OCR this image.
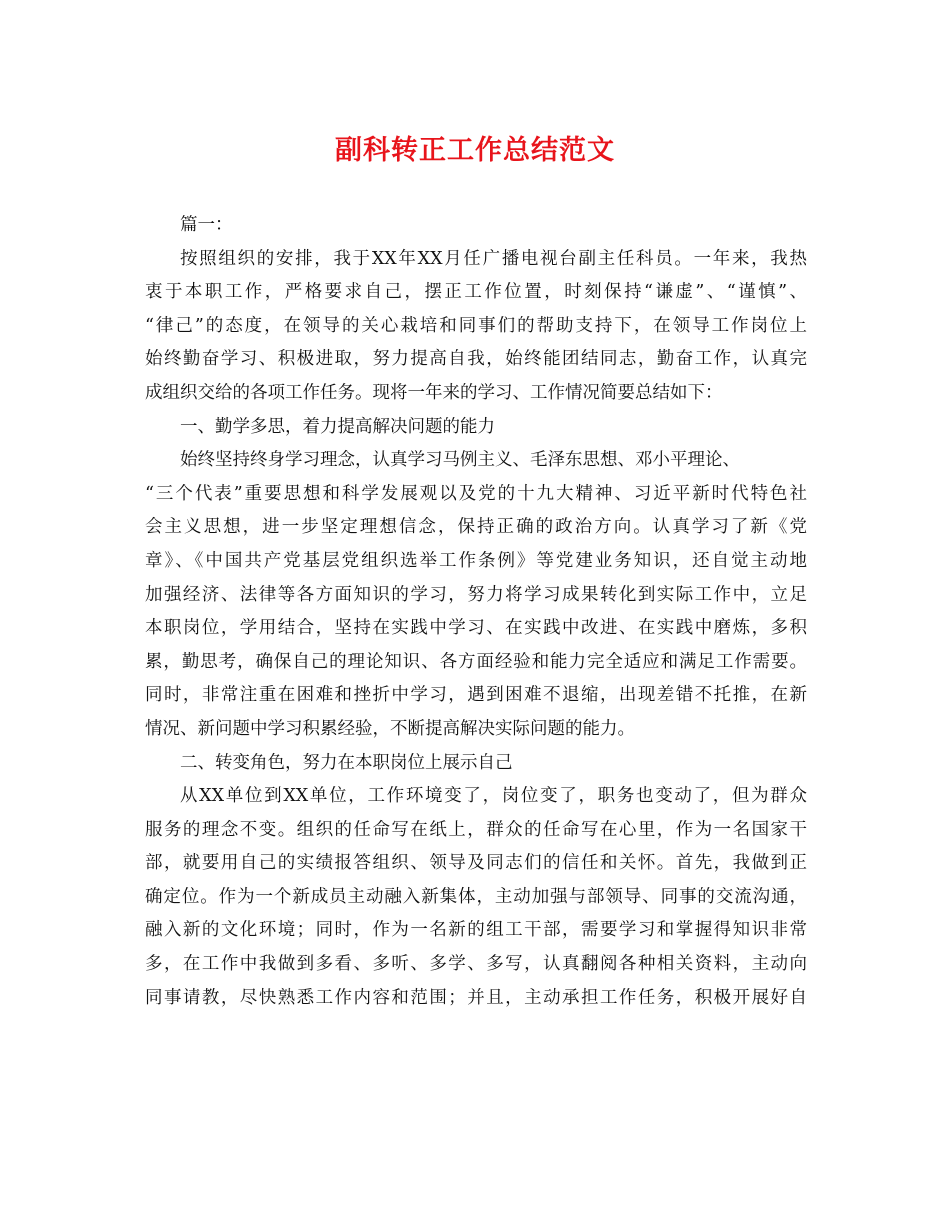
副科转正工作总结范文
篇一：
按照组织的安排，我于XX年XX月任广播电视台副主任科员。一年来，我热
衷于本职工作，严格要求自己，摆正工作位置，时刻保持“谦虚”、“谨慎”、
“律己”的态度，在领导的关心栽培和同事们的帮助支持下，在领导工作岗位上
始终勤奋学习、积极进取，努力提高自我，始终能团结同志，勤奋工作，认真完
成组织交给的各项工作任务。现将一年来的学习、工作情况简要总结如下：
一、勤学多思，着力提高解决问题的能力
始终坚持终身学习理念，认真学习马例主义、毛泽东思想、邓小平理论、
“三个代表”重要思想和科学发展观以及党的十九大精神、习近平新时代特色社
会主义思想，进一步坚定理想信念，保持正确的政治方向。认真学习了新《党
章》、《中国共产党基层党组织选举工作条例》等党建业务知识，还自觉主动地
加强经济、法律等各方面知识的学习，努力将学习成果转化到实际工作中，立足
本职岗位，学用结合，坚持在实践中学习、在实践中改进、在实践中磨炼，多积
累，勤思考，确保自己的理论知识、各方面经验和能力完全适应和满足工作需要。
同时，非常注重在困难和挫折中学习，遇到困难不退缩，出现差错不托推，在新
情况、新问题中学习积累经验，不断提高解决实际问题的能力。
二、转变角色，努力在本职岗位上展示自己
从XX单位到XX单位，工作环境变了，岗位变了，职务也变动了，但为群众
服务的理念不变。组织的任命写在纸上，群众的任命写在心里，作为一名国家干
部，就要用自己的实绩报答组织、领导及同志们的信任和关怀。首先，我做到正
确定位。作为一个新成员主动融入新集体，主动加强与部领导、同事的交流沟通，
融入新的文化环境；同时，作为一名新的组工干部，需要学习和掌握得知识非常
多，在工作中我做到多看、多听、多学、多写，认真翻阅各种相关资料，主动向
同事请教，尽快熟悉工作内容和范围；并且，主动承担工作任务，积极开展好自
